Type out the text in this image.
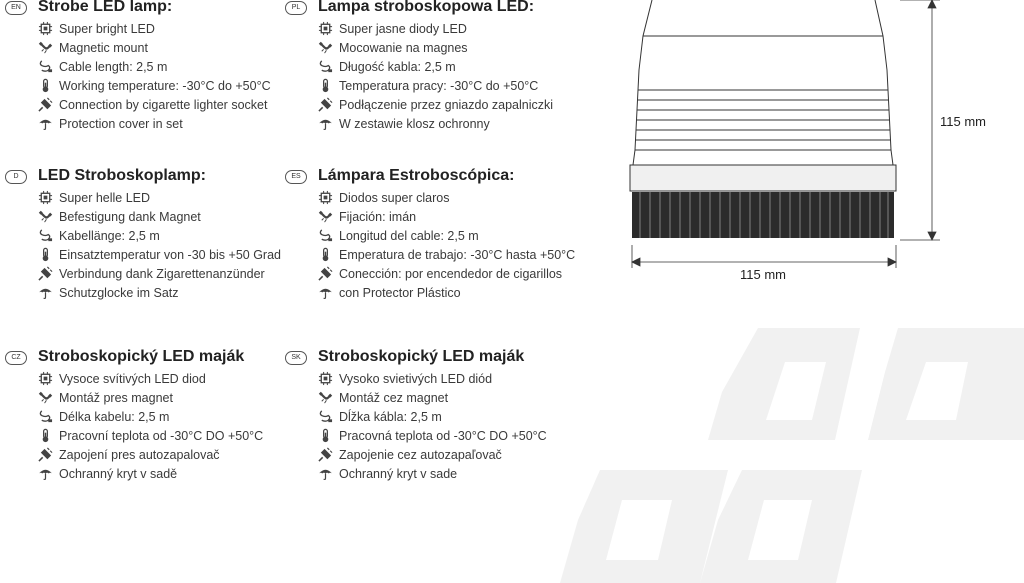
115 mm
115 mm
EN	Strobe LED lamp:
Super bright LED
Magnetic mount
Cable length: 2,5 m
Working temperature: -30°C do +50°C
Connection by cigarette lighter socket
Protection cover in set
PL	Lampa stroboskopowa LED:
Super jasne diody LED
Mocowanie na magnes
Długość kabla: 2,5 m
Temperatura pracy: -30°C do +50°C
Podłączenie przez gniazdo zapalniczki
W zestawie klosz ochronny
D	LED Stroboskoplamp:
Super helle LED
Befestigung dank Magnet
Kabellänge: 2,5 m
Einsatztemperatur von -30 bis +50 Grad
Verbindung dank Zigarettenanzünder
Schutzglocke im Satz
ES	Lámpara Estroboscópica:
Diodos super claros
Fijación: imán
Longitud del cable: 2,5 m
Emperatura de trabajo: -30°C hasta +50°C
Conección: por encendedor de cigarillos
con Protector Plástico
CZ	Stroboskopický LED maják
Vysoce svítivých LED diod
Montáž pres magnet
Délka kabelu: 2,5 m
Pracovní teplota od -30°C DO +50°C
Zapojení pres autozapalovač
Ochranný kryt v sadě
SK	Stroboskopický LED maják
Vysoko svietivých LED diód
Montáž cez magnet
Dĺžka kábla: 2,5 m
Pracovná teplota od -30°C DO +50°C
Zapojenie cez autozapaľovač
Ochranný kryt v sade
